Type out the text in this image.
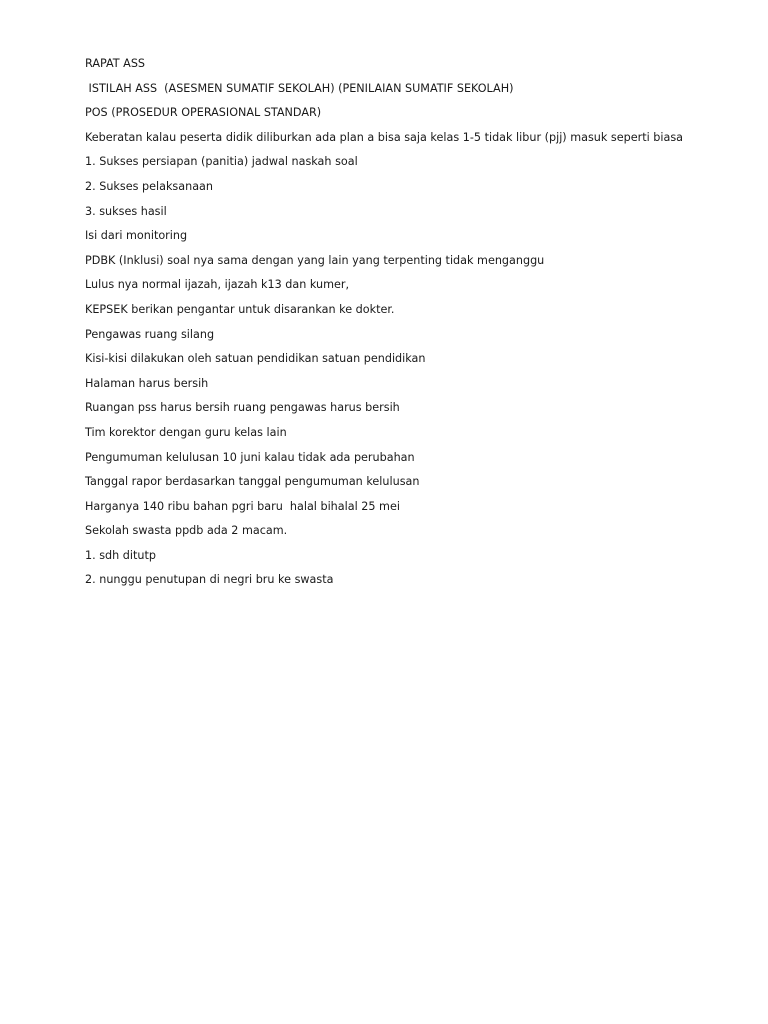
RAPAT ASS
ISTILAH ASS  (ASESMEN SUMATIF SEKOLAH) (PENILAIAN SUMATIF SEKOLAH)
POS (PROSEDUR OPERASIONAL STANDAR)
Keberatan kalau peserta didik diliburkan ada plan a bisa saja kelas 1-5 tidak libur (pjj) masuk seperti biasa
1. Sukses persiapan (panitia) jadwal naskah soal
2. Sukses pelaksanaan
3. sukses hasil
Isi dari monitoring
PDBK (Inklusi) soal nya sama dengan yang lain yang terpenting tidak menganggu
Lulus nya normal ijazah, ijazah k13 dan kumer,
KEPSEK berikan pengantar untuk disarankan ke dokter.
Pengawas ruang silang
Kisi-kisi dilakukan oleh satuan pendidikan satuan pendidikan
Halaman harus bersih
Ruangan pss harus bersih ruang pengawas harus bersih
Tim korektor dengan guru kelas lain
Pengumuman kelulusan 10 juni kalau tidak ada perubahan
Tanggal rapor berdasarkan tanggal pengumuman kelulusan
Harganya 140 ribu bahan pgri baru  halal bihalal 25 mei
Sekolah swasta ppdb ada 2 macam.
1. sdh ditutp
2. nunggu penutupan di negri bru ke swasta
